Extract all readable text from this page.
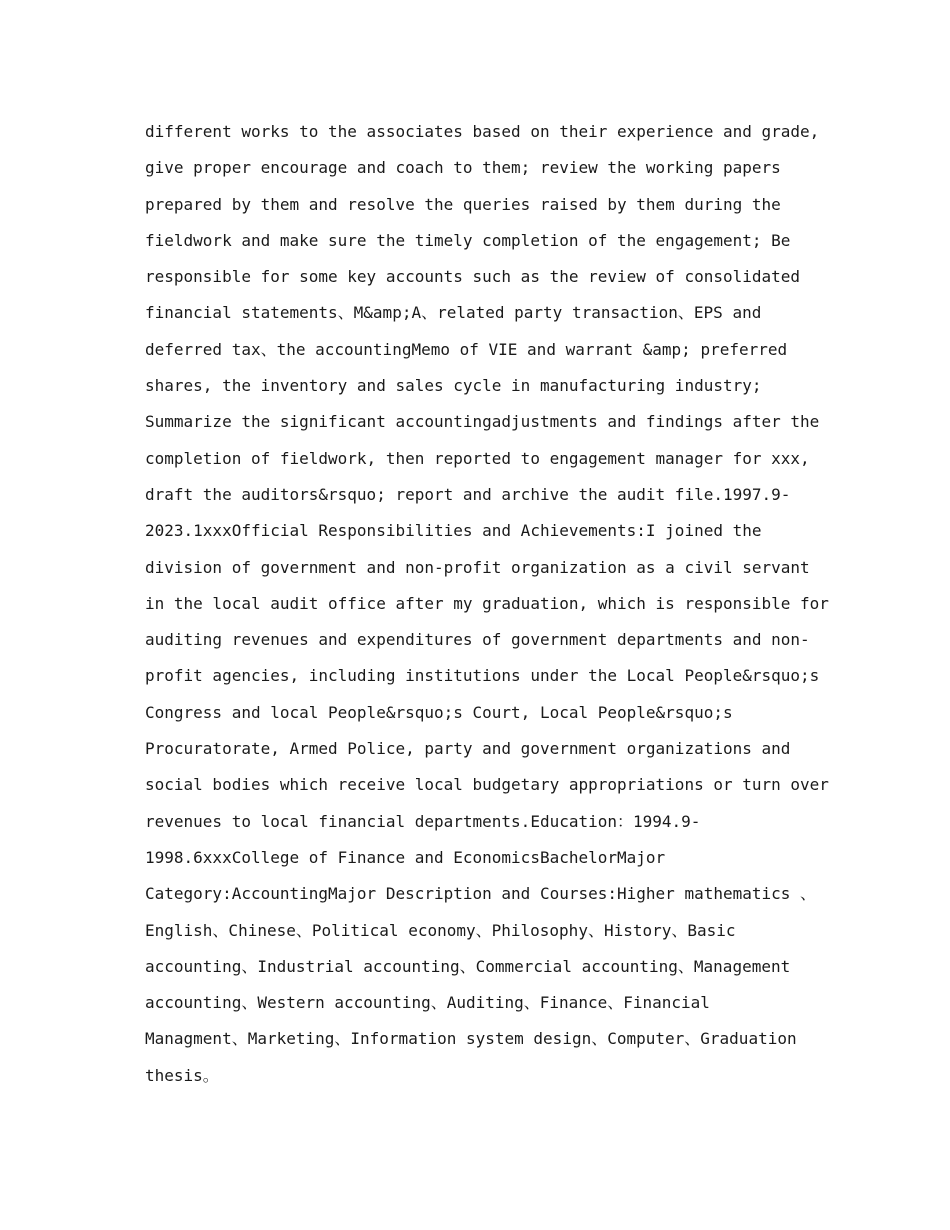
different works to the associates based on their experience and grade,
give proper encourage and coach to them; review the working papers
prepared by them and resolve the queries raised by them during the
fieldwork and make sure the timely completion of the engagement; Be
responsible for some key accounts such as the review of consolidated
financial statements、M&amp;A、related party transaction、EPS and
deferred tax、the accountingMemo of VIE and warrant &amp; preferred
shares, the inventory and sales cycle in manufacturing industry;
Summarize the significant accountingadjustments and findings after the
completion of fieldwork, then reported to engagement manager for xxx,
draft the auditors&rsquo; report and archive the audit file.1997.9-
2023.1xxxOfficial Responsibilities and Achievements:I joined the
division of government and non-profit organization as a civil servant
in the local audit office after my graduation, which is responsible for
auditing revenues and expenditures of government departments and non-
profit agencies, including institutions under the Local People&rsquo;s
Congress and local People&rsquo;s Court, Local People&rsquo;s
Procuratorate, Armed Police, party and government organizations and
social bodies which receive local budgetary appropriations or turn over
revenues to local financial departments.Education：1994.9-
1998.6xxxCollege of Finance and EconomicsBachelorMajor
Category:AccountingMajor Description and Courses:Higher mathematics 、
English、Chinese、Political economy、Philosophy、History、Basic
accounting、Industrial accounting、Commercial accounting、Management
accounting、Western accounting、Auditing、Finance、Financial
Managment、Marketing、Information system design、Computer、Graduation
thesis。
